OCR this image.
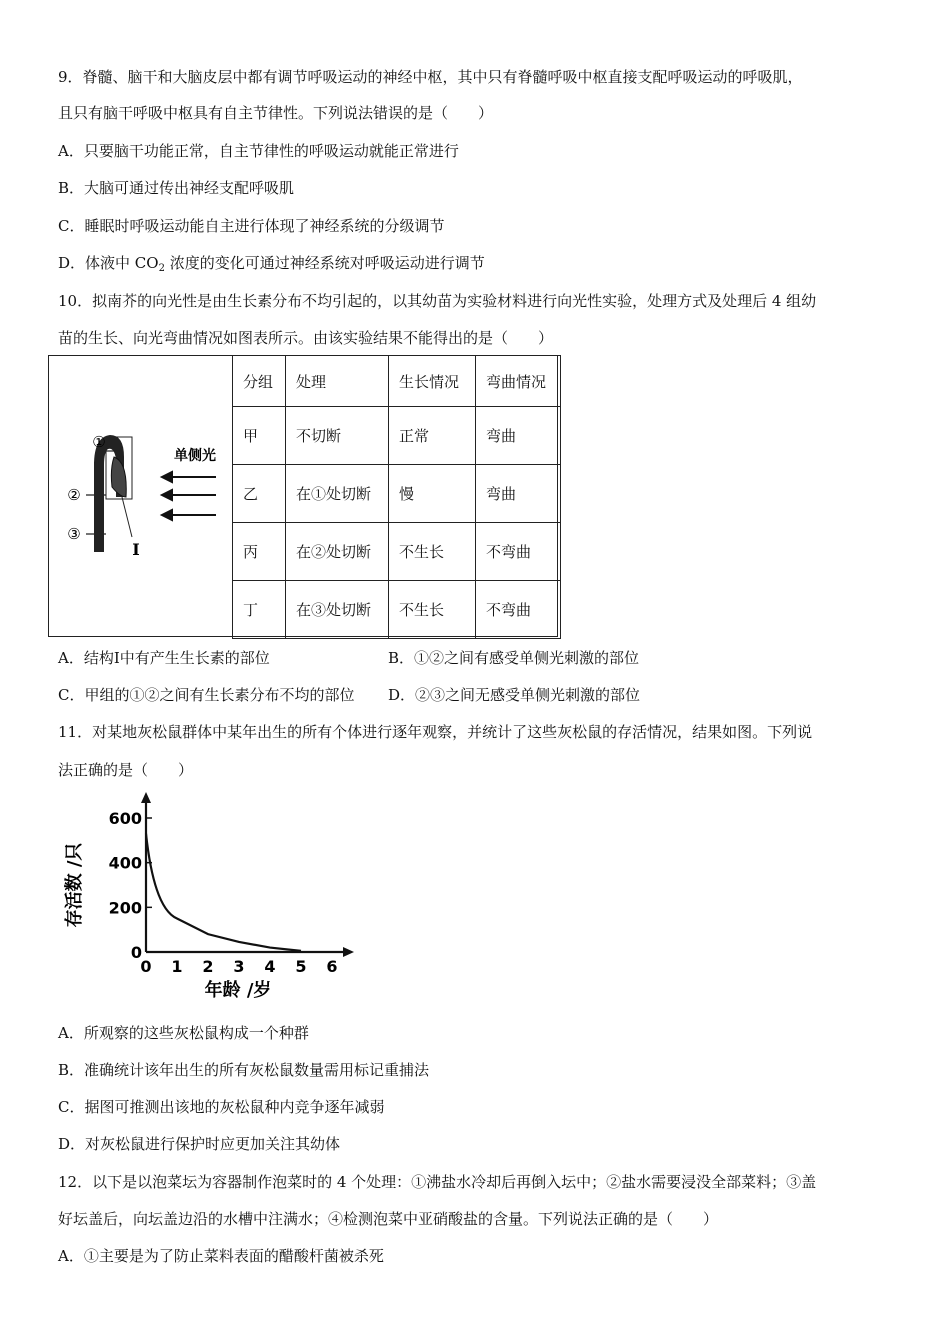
9．脊髓、脑干和大脑皮层中都有调节呼吸运动的神经中枢，其中只有脊髓呼吸中枢直接支配呼吸运动的呼吸肌，
且只有脑干呼吸中枢具有自主节律性。下列说法错误的是（　　）
A．只要脑干功能正常，自主节律性的呼吸运动就能正常进行
B．大脑可通过传出神经支配呼吸肌
C．睡眠时呼吸运动能自主进行体现了神经系统的分级调节
D．体液中 $CO_2$ 浓度的变化可通过神经系统对呼吸运动进行调节
10．拟南芥的向光性是由生长素分布不均引起的，以其幼苗为实验材料进行向光性实验，处理方式及处理后 4 组幼
苗的生长、向光弯曲情况如图表所示。由该实验结果不能得出的是（　　）
①
②
③
I
单侧光
分组	处理	生长情况	弯曲情况
甲	不切断	正常	弯曲
乙	在①处切断	慢	弯曲
丙	在②处切断	不生长	不弯曲
丁	在③处切断	不生长	不弯曲
A．结构I中有产生生长素的部位	B．①②之间有感受单侧光刺激的部位
C．甲组的①②之间有生长素分布不均的部位 D．②③之间无感受单侧光刺激的部位
11．对某地灰松鼠群体中某年出生的所有个体进行逐年观察，并统计了这些灰松鼠的存活情况，结果如图。下列说
法正确的是（　　）
存活数 /只
年龄 /岁
0 1 2 3 4 5 6
0
200
400
600
A．所观察的这些灰松鼠构成一个种群
B．准确统计该年出生的所有灰松鼠数量需用标记重捕法
C．据图可推测出该地的灰松鼠种内竞争逐年减弱
D．对灰松鼠进行保护时应更加关注其幼体
12．以下是以泡菜坛为容器制作泡菜时的 4 个处理：①沸盐水冷却后再倒入坛中；②盐水需要浸没全部菜料；③盖
好坛盖后，向坛盖边沿的水槽中注满水；④检测泡菜中亚硝酸盐的含量。下列说法正确的是（　　）
A．①主要是为了防止菜料表面的醋酸杆菌被杀死
